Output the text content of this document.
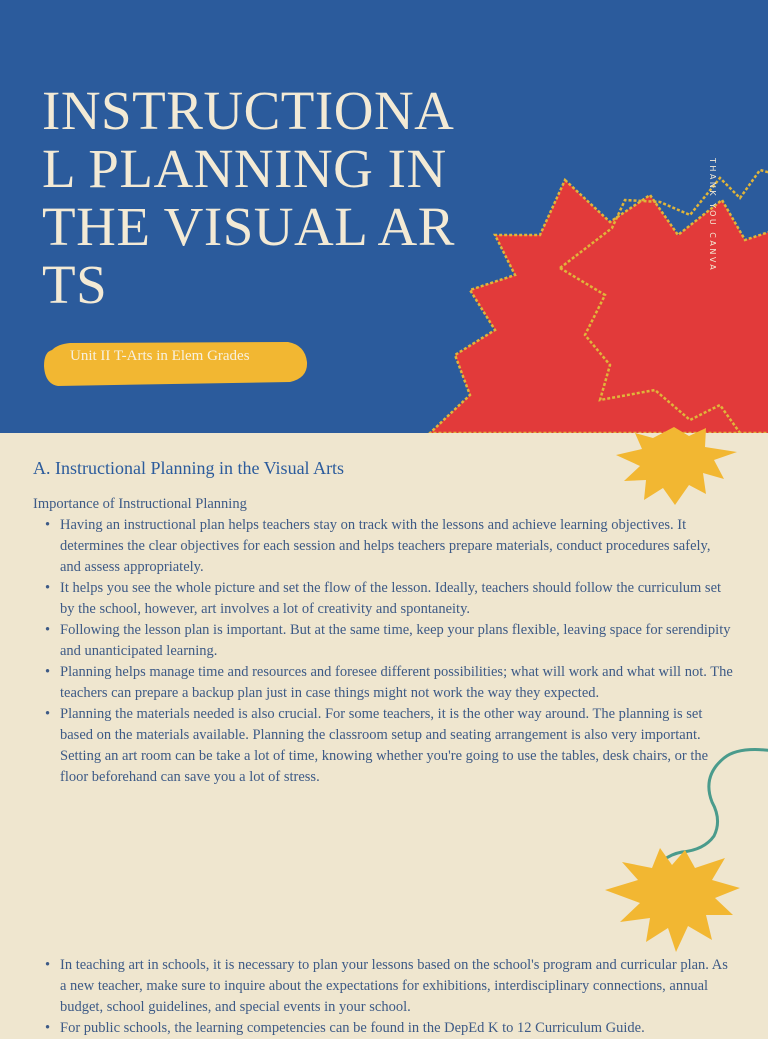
INSTRUCTIONAL PLANNING IN THE VISUAL ARTS
Unit II T-Arts in Elem Grades
THANK YOU CANVA
A. Instructional Planning in the Visual Arts
Importance of Instructional Planning
• Having an instructional plan helps teachers stay on track with the lessons and achieve learning objectives. It determines the clear objectives for each session and helps teachers prepare materials, conduct procedures safely, and assess appropriately.
• It helps you see the whole picture and set the flow of the lesson. Ideally, teachers should follow the curriculum set by the school, however, art involves a lot of creativity and spontaneity.
• Following the lesson plan is important. But at the same time, keep your plans flexible, leaving space for serendipity and unanticipated learning.
• Planning helps manage time and resources and foresee different possibilities; what will work and what will not. The teachers can prepare a backup plan just in case things might not work the way they expected.
• Planning the materials needed is also crucial. For some teachers, it is the other way around. The planning is set based on the materials available. Planning the classroom setup and seating arrangement is also very important. Setting an art room can be take a lot of time, knowing whether you're going to use the tables, desk chairs, or the floor beforehand can save you a lot of stress.
• In teaching art in schools, it is necessary to plan your lessons based on the school's program and curricular plan. As a new teacher, make sure to inquire about the expectations for exhibitions, interdisciplinary connections, annual budget, school guidelines, and special events in your school.
• For public schools, the learning competencies can be found in the DepEd K to 12 Curriculum Guide.
